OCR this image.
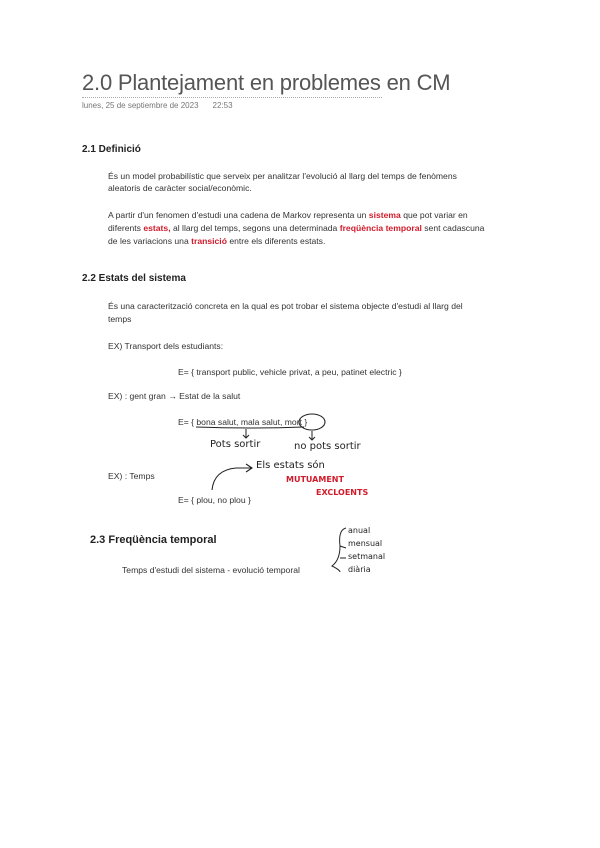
2.0 Plantejament en problemes en CM
lunes, 25 de septiembre de 2023 22:53
2.1 Definició
És un model probabilístic que serveix per analitzar l'evolució al llarg del temps de fenòmens
aleatoris de caràcter social/econòmic.
A partir d'un fenomen d'estudi una cadena de Markov representa un sistema que pot variar en
diferents estats, al llarg del temps, segons una determinada freqüència temporal sent cadascuna
de les variacions una transició entre els diferents estats.
2.2 Estats del sistema
És una caracterització concreta en la qual es pot trobar el sistema objecte d'estudi al llarg del
temps
EX) Transport dels estudiants:
E= { transport public, vehicle privat, a peu, patinet electric }
EX) : gent gran → Estat de la salut
E= { bona salut, mala salut, mort }
Pots sortir	no pots sortir
EX) : Temps
E= { plou, no plou }
Els estats són
MUTUAMENT
EXCLOENTS
2.3 Freqüència temporal
Temps d'estudi del sistema - evolució temporal
anual
mensual
setmanal
diària
